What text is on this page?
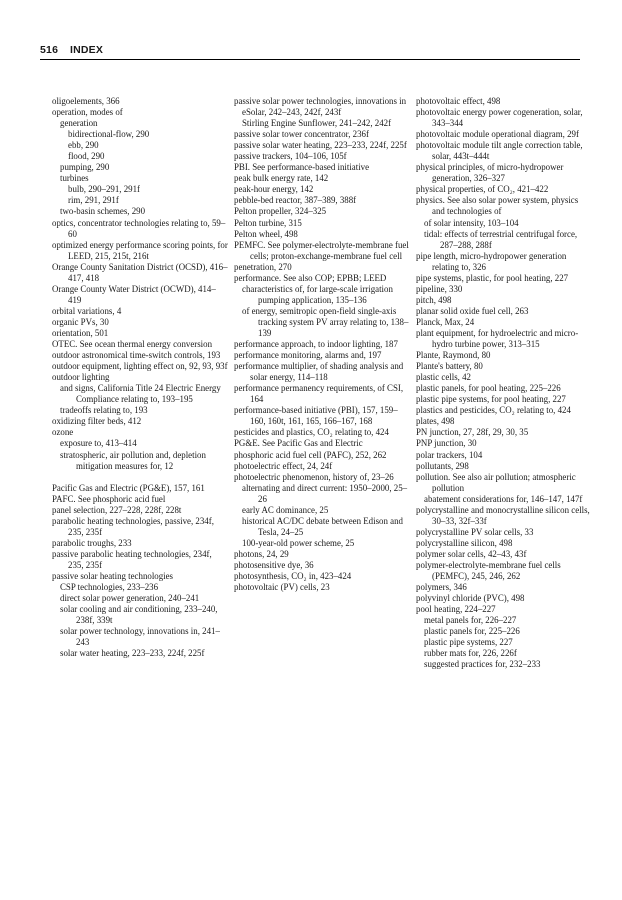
516 INDEX
oligoelements, 366
operation, modes of
generation
bidirectional-flow, 290
ebb, 290
flood, 290
pumping, 290
turbines
bulb, 290–291, 291f
rim, 291, 291f
two-basin schemes, 290
optics, concentrator technologies relating to, 59–60
optimized energy performance scoring points, for LEED, 215, 215t, 216t
Orange County Sanitation District (OCSD), 416–417, 418
Orange County Water District (OCWD), 414–419
orbital variations, 4
organic PVs, 30
orientation, 501
OTEC. See ocean thermal energy conversion
outdoor astronomical time-switch controls, 193
outdoor equipment, lighting effect on, 92, 93, 93f
outdoor lighting
and signs, California Title 24 Electric Energy Compliance relating to, 193–195
tradeoffs relating to, 193
oxidizing filter beds, 412
ozone
exposure to, 413–414
stratospheric, air pollution and, depletion mitigation measures for, 12
Pacific Gas and Electric (PG&E), 157, 161
PAFC. See phosphoric acid fuel
panel selection, 227–228, 228f, 228t
parabolic heating technologies, passive, 234f, 235, 235f
parabolic troughs, 233
passive parabolic heating technologies, 234f, 235, 235f
passive solar heating technologies
CSP technologies, 233–236
direct solar power generation, 240–241
solar cooling and air conditioning, 233–240, 238f, 339t
solar power technology, innovations in, 241–243
solar water heating, 223–233, 224f, 225f
passive solar power technologies, innovations in
eSolar, 242–243, 242f, 243f
Stirling Engine Sunflower, 241–242, 242f
passive solar tower concentrator, 236f
passive solar water heating, 223–233, 224f, 225f
passive trackers, 104–106, 105f
PBI. See performance-based initiative
peak bulk energy rate, 142
peak-hour energy, 142
pebble-bed reactor, 387–389, 388f
Pelton propeller, 324–325
Pelton turbine, 315
Pelton wheel, 498
PEMFC. See polymer-electrolyte-membrane fuel cells; proton-exchange-membrane fuel cell
penetration, 270
performance. See also COP; EPBB; LEED
characteristics of, for large-scale irrigation pumping application, 135–136
of energy, semitropic open-field single-axis tracking system PV array relating to, 138–139
performance approach, to indoor lighting, 187
performance monitoring, alarms and, 197
performance multiplier, of shading analysis and solar energy, 114–118
performance permanency requirements, of CSI, 164
performance-based initiative (PBI), 157, 159–160, 160t, 161, 165, 166–167, 168
pesticides and plastics, CO₂ relating to, 424
PG&E. See Pacific Gas and Electric
phosphoric acid fuel cell (PAFC), 252, 262
photoelectric effect, 24, 24f
photoelectric phenomenon, history of, 23–26
alternating and direct current: 1950–2000, 25–26
early AC dominance, 25
historical AC/DC debate between Edison and Tesla, 24–25
100-year-old power scheme, 25
photons, 24, 29
photosensitive dye, 36
photosynthesis, CO₂ in, 423–424
photovoltaic (PV) cells, 23
photovoltaic effect, 498
photovoltaic energy power cogeneration, solar, 343–344
photovoltaic module operational diagram, 29f
photovoltaic module tilt angle correction table, solar, 443t–444t
physical principles, of micro-hydropower generation, 326–327
physical properties, of CO₂, 421–422
physics. See also solar power system, physics and technologies of
of solar intensity, 103–104
tidal: effects of terrestrial centrifugal force, 287–288, 288f
pipe length, micro-hydropower generation relating to, 326
pipe systems, plastic, for pool heating, 227
pipeline, 330
pitch, 498
planar solid oxide fuel cell, 263
Planck, Max, 24
plant equipment, for hydroelectric and micro-hydro turbine power, 313–315
Plante, Raymond, 80
Plante's battery, 80
plastic cells, 42
plastic panels, for pool heating, 225–226
plastic pipe systems, for pool heating, 227
plastics and pesticides, CO₂ relating to, 424
plates, 498
PN junction, 27, 28f, 29, 30, 35
PNP junction, 30
polar trackers, 104
pollutants, 298
pollution. See also air pollution; atmospheric pollution
abatement considerations for, 146–147, 147f
polycrystalline and monocrystalline silicon cells, 30–33, 32f–33f
polycrystalline PV solar cells, 33
polycrystalline silicon, 498
polymer solar cells, 42–43, 43f
polymer-electrolyte-membrane fuel cells (PEMFC), 245, 246, 262
polymers, 346
polyvinyl chloride (PVC), 498
pool heating, 224–227
metal panels for, 226–227
plastic panels for, 225–226
plastic pipe systems, 227
rubber mats for, 226, 226f
suggested practices for, 232–233
